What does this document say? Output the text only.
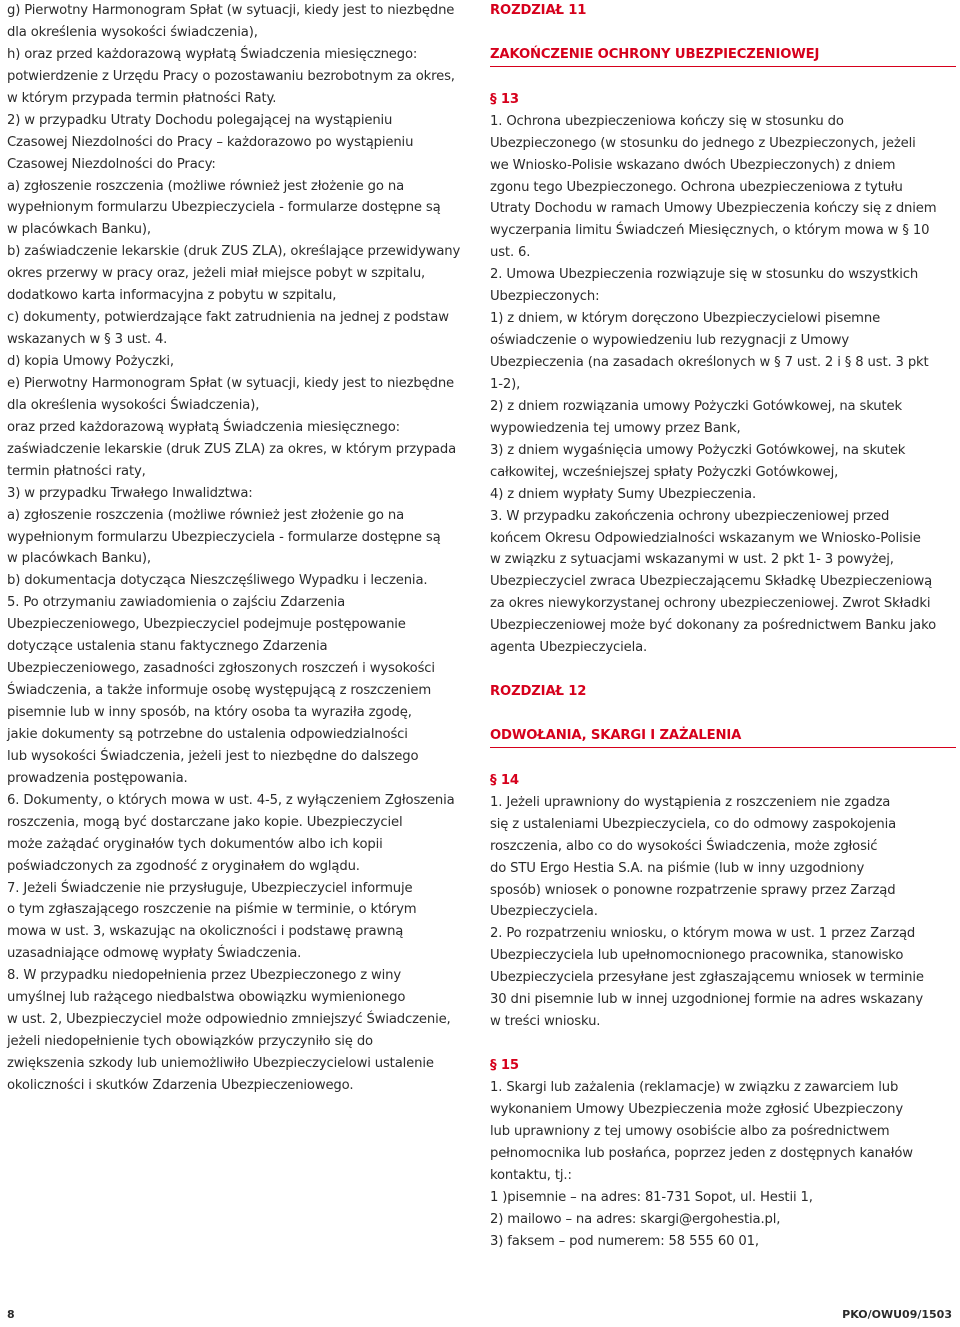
g) Pierwotny Harmonogram Spłat (w sytuacji, kiedy jest to niezbędne
dla określenia wysokości świadczenia),
h) oraz przed każdorazową wypłatą Świadczenia miesięcznego:
potwierdzenie z Urzędu Pracy o pozostawaniu bezrobotnym za okres,
w którym przypada termin płatności Raty.
2) w przypadku Utraty Dochodu polegającej na wystąpieniu
Czasowej Niezdolności do Pracy – każdorazowo po wystąpieniu
Czasowej Niezdolności do Pracy:
a) zgłoszenie roszczenia (możliwe również jest złożenie go na
wypełnionym formularzu Ubezpieczyciela - formularze dostępne są
w placówkach Banku),
b) zaświadczenie lekarskie (druk ZUS ZLA), określające przewidywany
okres przerwy w pracy oraz, jeżeli miał miejsce pobyt w szpitalu,
dodatkowo karta informacyjna z pobytu w szpitalu,
c) dokumenty, potwierdzające fakt zatrudnienia na jednej z podstaw
wskazanych w § 3 ust. 4.
d) kopia Umowy Pożyczki,
e) Pierwotny Harmonogram Spłat (w sytuacji, kiedy jest to niezbędne
dla określenia wysokości Świadczenia),
oraz przed każdorazową wypłatą Świadczenia miesięcznego:
zaświadczenie lekarskie (druk ZUS ZLA) za okres, w którym przypada
termin płatności raty,
3) w przypadku Trwałego Inwalidztwa:
a) zgłoszenie roszczenia (możliwe również jest złożenie go na
wypełnionym formularzu Ubezpieczyciela - formularze dostępne są
w placówkach Banku),
b) dokumentacja dotycząca Nieszczęśliwego Wypadku i leczenia.
5. Po otrzymaniu zawiadomienia o zajściu Zdarzenia
Ubezpieczeniowego, Ubezpieczyciel podejmuje postępowanie
dotyczące ustalenia stanu faktycznego Zdarzenia
Ubezpieczeniowego, zasadności zgłoszonych roszczeń i wysokości
Świadczenia, a także informuje osobę występującą z roszczeniem
pisemnie lub w inny sposób, na który osoba ta wyraziła zgodę,
jakie dokumenty są potrzebne do ustalenia odpowiedzialności
lub wysokości Świadczenia, jeżeli jest to niezbędne do dalszego
prowadzenia postępowania.
6. Dokumenty, o których mowa w ust. 4-5, z wyłączeniem Zgłoszenia
roszczenia, mogą być dostarczane jako kopie. Ubezpieczyciel
może zażądać oryginałów tych dokumentów albo ich kopii
poświadczonych za zgodność z oryginałem do wglądu.
7. Jeżeli Świadczenie nie przysługuje, Ubezpieczyciel informuje
o tym zgłaszającego roszczenie na piśmie w terminie, o którym
mowa w ust. 3, wskazując na okoliczności i podstawę prawną
uzasadniające odmowę wypłaty Świadczenia.
8. W przypadku niedopełnienia przez Ubezpieczonego z winy
umyślnej lub rażącego niedbalstwa obowiązku wymienionego
w ust. 2, Ubezpieczyciel może odpowiednio zmniejszyć Świadczenie,
jeżeli niedopełnienie tych obowiązków przyczyniło się do
zwiększenia szkody lub uniemożliwiło Ubezpieczycielowi ustalenie
okoliczności i skutków Zdarzenia Ubezpieczeniowego.
ROZDZIAŁ 11
ZAKOŃCZENIE OCHRONY UBEZPIECZENIOWEJ
§ 13
1. Ochrona ubezpieczeniowa kończy się w stosunku do
Ubezpieczonego (w stosunku do jednego z Ubezpieczonych, jeżeli
we Wniosko-Polisie wskazano dwóch Ubezpieczonych) z dniem
zgonu tego Ubezpieczonego. Ochrona ubezpieczeniowa z tytułu
Utraty Dochodu w ramach Umowy Ubezpieczenia kończy się z dniem
wyczerpania limitu Świadczeń Miesięcznych, o którym mowa w § 10
ust. 6.
2. Umowa Ubezpieczenia rozwiązuje się w stosunku do wszystkich
Ubezpieczonych:
1) z dniem, w którym doręczono Ubezpieczycielowi pisemne
oświadczenie o wypowiedzeniu lub rezygnacji z Umowy
Ubezpieczenia (na zasadach określonych w § 7 ust. 2 i § 8 ust. 3 pkt
1-2),
2) z dniem rozwiązania umowy Pożyczki Gotówkowej, na skutek
wypowiedzenia tej umowy przez Bank,
3) z dniem wygaśnięcia umowy Pożyczki Gotówkowej, na skutek
całkowitej, wcześniejszej spłaty Pożyczki Gotówkowej,
4) z dniem wypłaty Sumy Ubezpieczenia.
3. W przypadku zakończenia ochrony ubezpieczeniowej przed
końcem Okresu Odpowiedzialności wskazanym we Wniosko-Polisie
w związku z sytuacjami wskazanymi w ust. 2 pkt 1- 3 powyżej,
Ubezpieczyciel zwraca Ubezpieczającemu Składkę Ubezpieczeniową
za okres niewykorzystanej ochrony ubezpieczeniowej. Zwrot Składki
Ubezpieczeniowej może być dokonany za pośrednictwem Banku jako
agenta Ubezpieczyciela.
ROZDZIAŁ 12
ODWOŁANIA, SKARGI I ZAŻALENIA
§ 14
1. Jeżeli uprawniony do wystąpienia z roszczeniem nie zgadza
się z ustaleniami Ubezpieczyciela, co do odmowy zaspokojenia
roszczenia, albo co do wysokości Świadczenia, może zgłosić
do STU Ergo Hestia S.A. na piśmie (lub w inny uzgodniony
sposób) wniosek o ponowne rozpatrzenie sprawy przez Zarząd
Ubezpieczyciela.
2. Po rozpatrzeniu wniosku, o którym mowa w ust. 1 przez Zarząd
Ubezpieczyciela lub upełnomocnionego pracownika, stanowisko
Ubezpieczyciela przesyłane jest zgłaszającemu wniosek w terminie
30 dni pisemnie lub w innej uzgodnionej formie na adres wskazany
w treści wniosku.
§ 15
1. Skargi lub zażalenia (reklamacje) w związku z zawarciem lub
wykonaniem Umowy Ubezpieczenia może zgłosić Ubezpieczony
lub uprawniony z tej umowy osobiście albo za pośrednictwem
pełnomocnika lub posłańca, poprzez jeden z dostępnych kanałów
kontaktu, tj.:
1 )pisemnie – na adres: 81-731 Sopot, ul. Hestii 1,
2) mailowo – na adres: skargi@ergohestia.pl,
3) faksem – pod numerem: 58 555 60 01,
8	PKO/OWU09/1503
